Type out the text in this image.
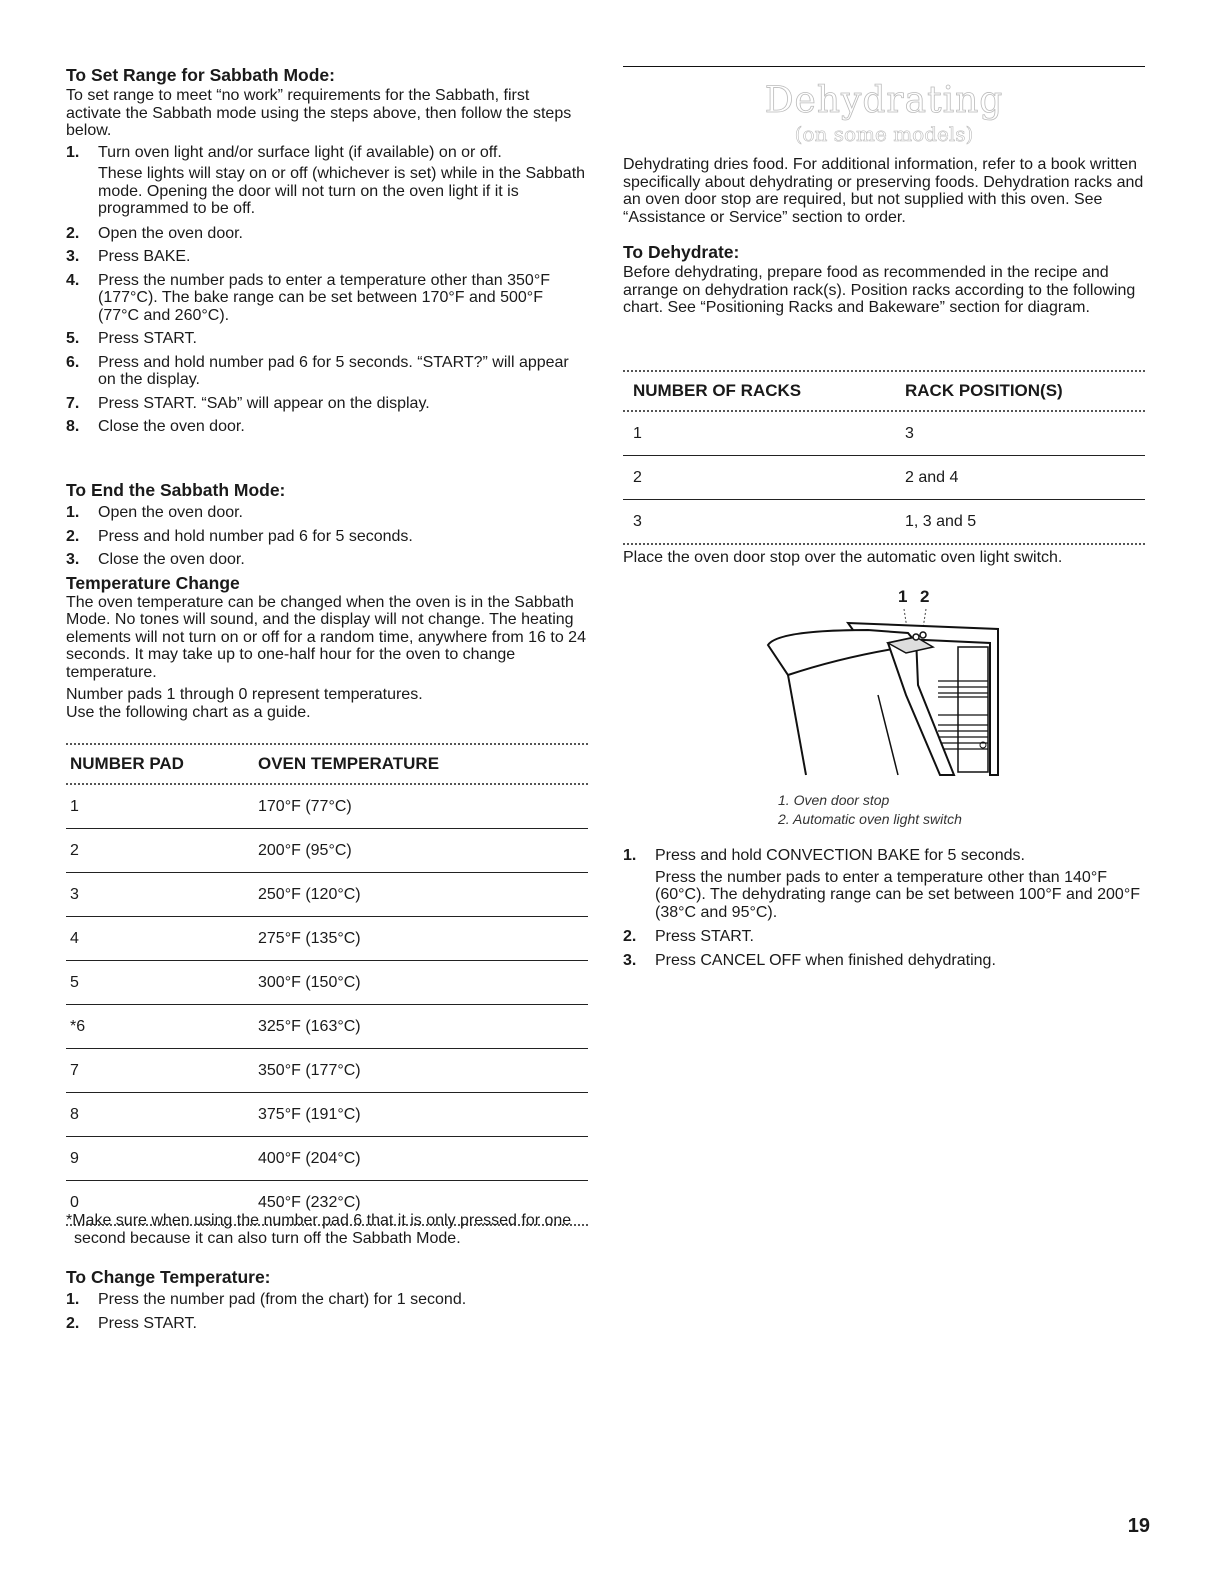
To Set Range for Sabbath Mode:

To set range to meet “no work” requirements for the Sabbath, first activate the Sabbath mode using the steps above, then follow the steps below.

1. Turn oven light and/or surface light (if available) on or off.
These lights will stay on or off (whichever is set) while in the Sabbath mode. Opening the door will not turn on the oven light if it is programmed to be off.
2. Open the oven door.
3. Press BAKE.
4. Press the number pads to enter a temperature other than 350°F (177°C). The bake range can be set between 170°F and 500°F (77°C and 260°C).
5. Press START.
6. Press and hold number pad 6 for 5 seconds. “START?” will appear on the display.
7. Press START. “SAb” will appear on the display.
8. Close the oven door.
To End the Sabbath Mode:
1. Open the oven door.
2. Press and hold number pad 6 for 5 seconds.
3. Close the oven door.
Temperature Change

The oven temperature can be changed when the oven is in the Sabbath Mode. No tones will sound, and the display will not change. The heating elements will not turn on or off for a random time, anywhere from 16 to 24 seconds. It may take up to one-half hour for the oven to change temperature.

Number pads 1 through 0 represent temperatures.

Use the following chart as a guide.

NUMBER PAD	OVEN TEMPERATURE
1	170°F (77°C)
2	200°F (95°C)
3	250°F (120°C)
4	275°F (135°C)
5	300°F (150°C)
*6	325°F (163°C)
7	350°F (177°C)
8	375°F (191°C)
9	400°F (204°C)
0	450°F (232°C)

*Make sure when using the number pad 6 that it is only pressed for one second because it can also turn off the Sabbath Mode.

To Change Temperature:
1. Press the number pad (from the chart) for 1 second.
2. Press START.
Dehydrating
(on some models)

Dehydrating dries food. For additional information, refer to a book written specifically about dehydrating or preserving foods. Dehydration racks and an oven door stop are required, but not supplied with this oven. See “Assistance or Service” section to order.

To Dehydrate:

Before dehydrating, prepare food as recommended in the recipe and arrange on dehydration rack(s). Position racks according to the following chart. See “Positioning Racks and Bakeware” section for diagram.

NUMBER OF RACKS	RACK POSITION(S)
1	3
2	2 and 4
3	1, 3 and 5

Place the oven door stop over the automatic oven light switch.

1 2
1. Oven door stop
2. Automatic oven light switch
1. Press and hold CONVECTION BAKE for 5 seconds.
Press the number pads to enter a temperature other than 140°F (60°C). The dehydrating range can be set between 100°F and 200°F (38°C and 95°C).
2. Press START.
3. Press CANCEL OFF when finished dehydrating.
19
